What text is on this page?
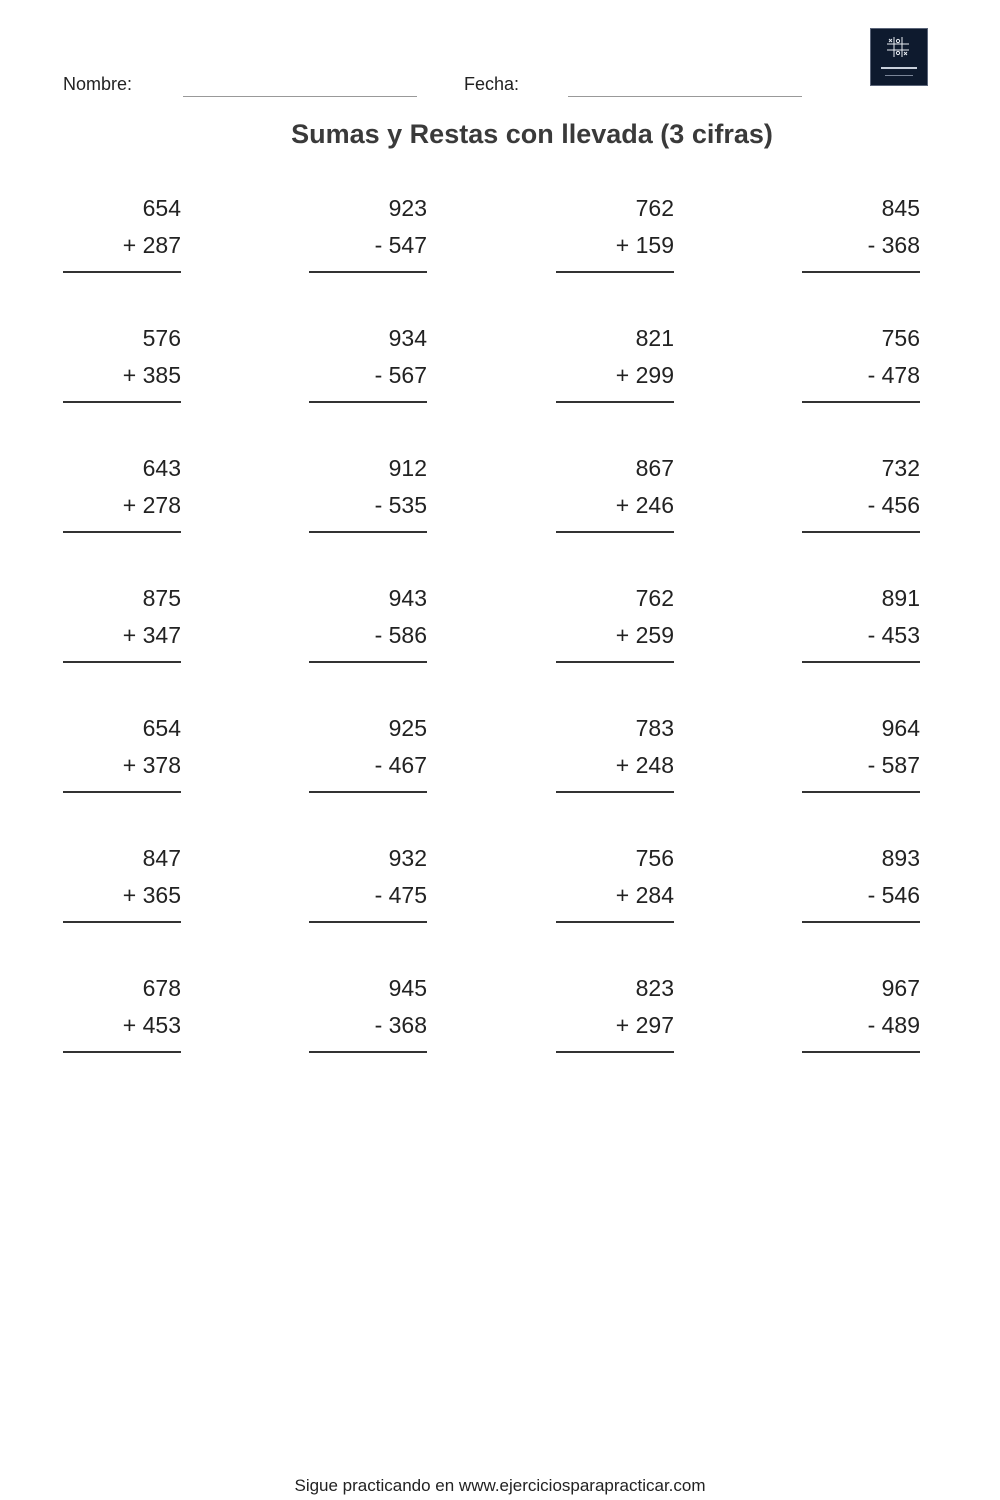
Nombre:	Fecha:
Sumas y Restas con llevada (3 cifras)
654
+ 287
923
- 547
762
+ 159
845
- 368
576
+ 385
934
- 567
821
+ 299
756
- 478
643
+ 278
912
- 535
867
+ 246
732
- 456
875
+ 347
943
- 586
762
+ 259
891
- 453
654
+ 378
925
- 467
783
+ 248
964
- 587
847
+ 365
932
- 475
756
+ 284
893
- 546
678
+ 453
945
- 368
823
+ 297
967
- 489
Sigue practicando en www.ejerciciosparapracticar.com
